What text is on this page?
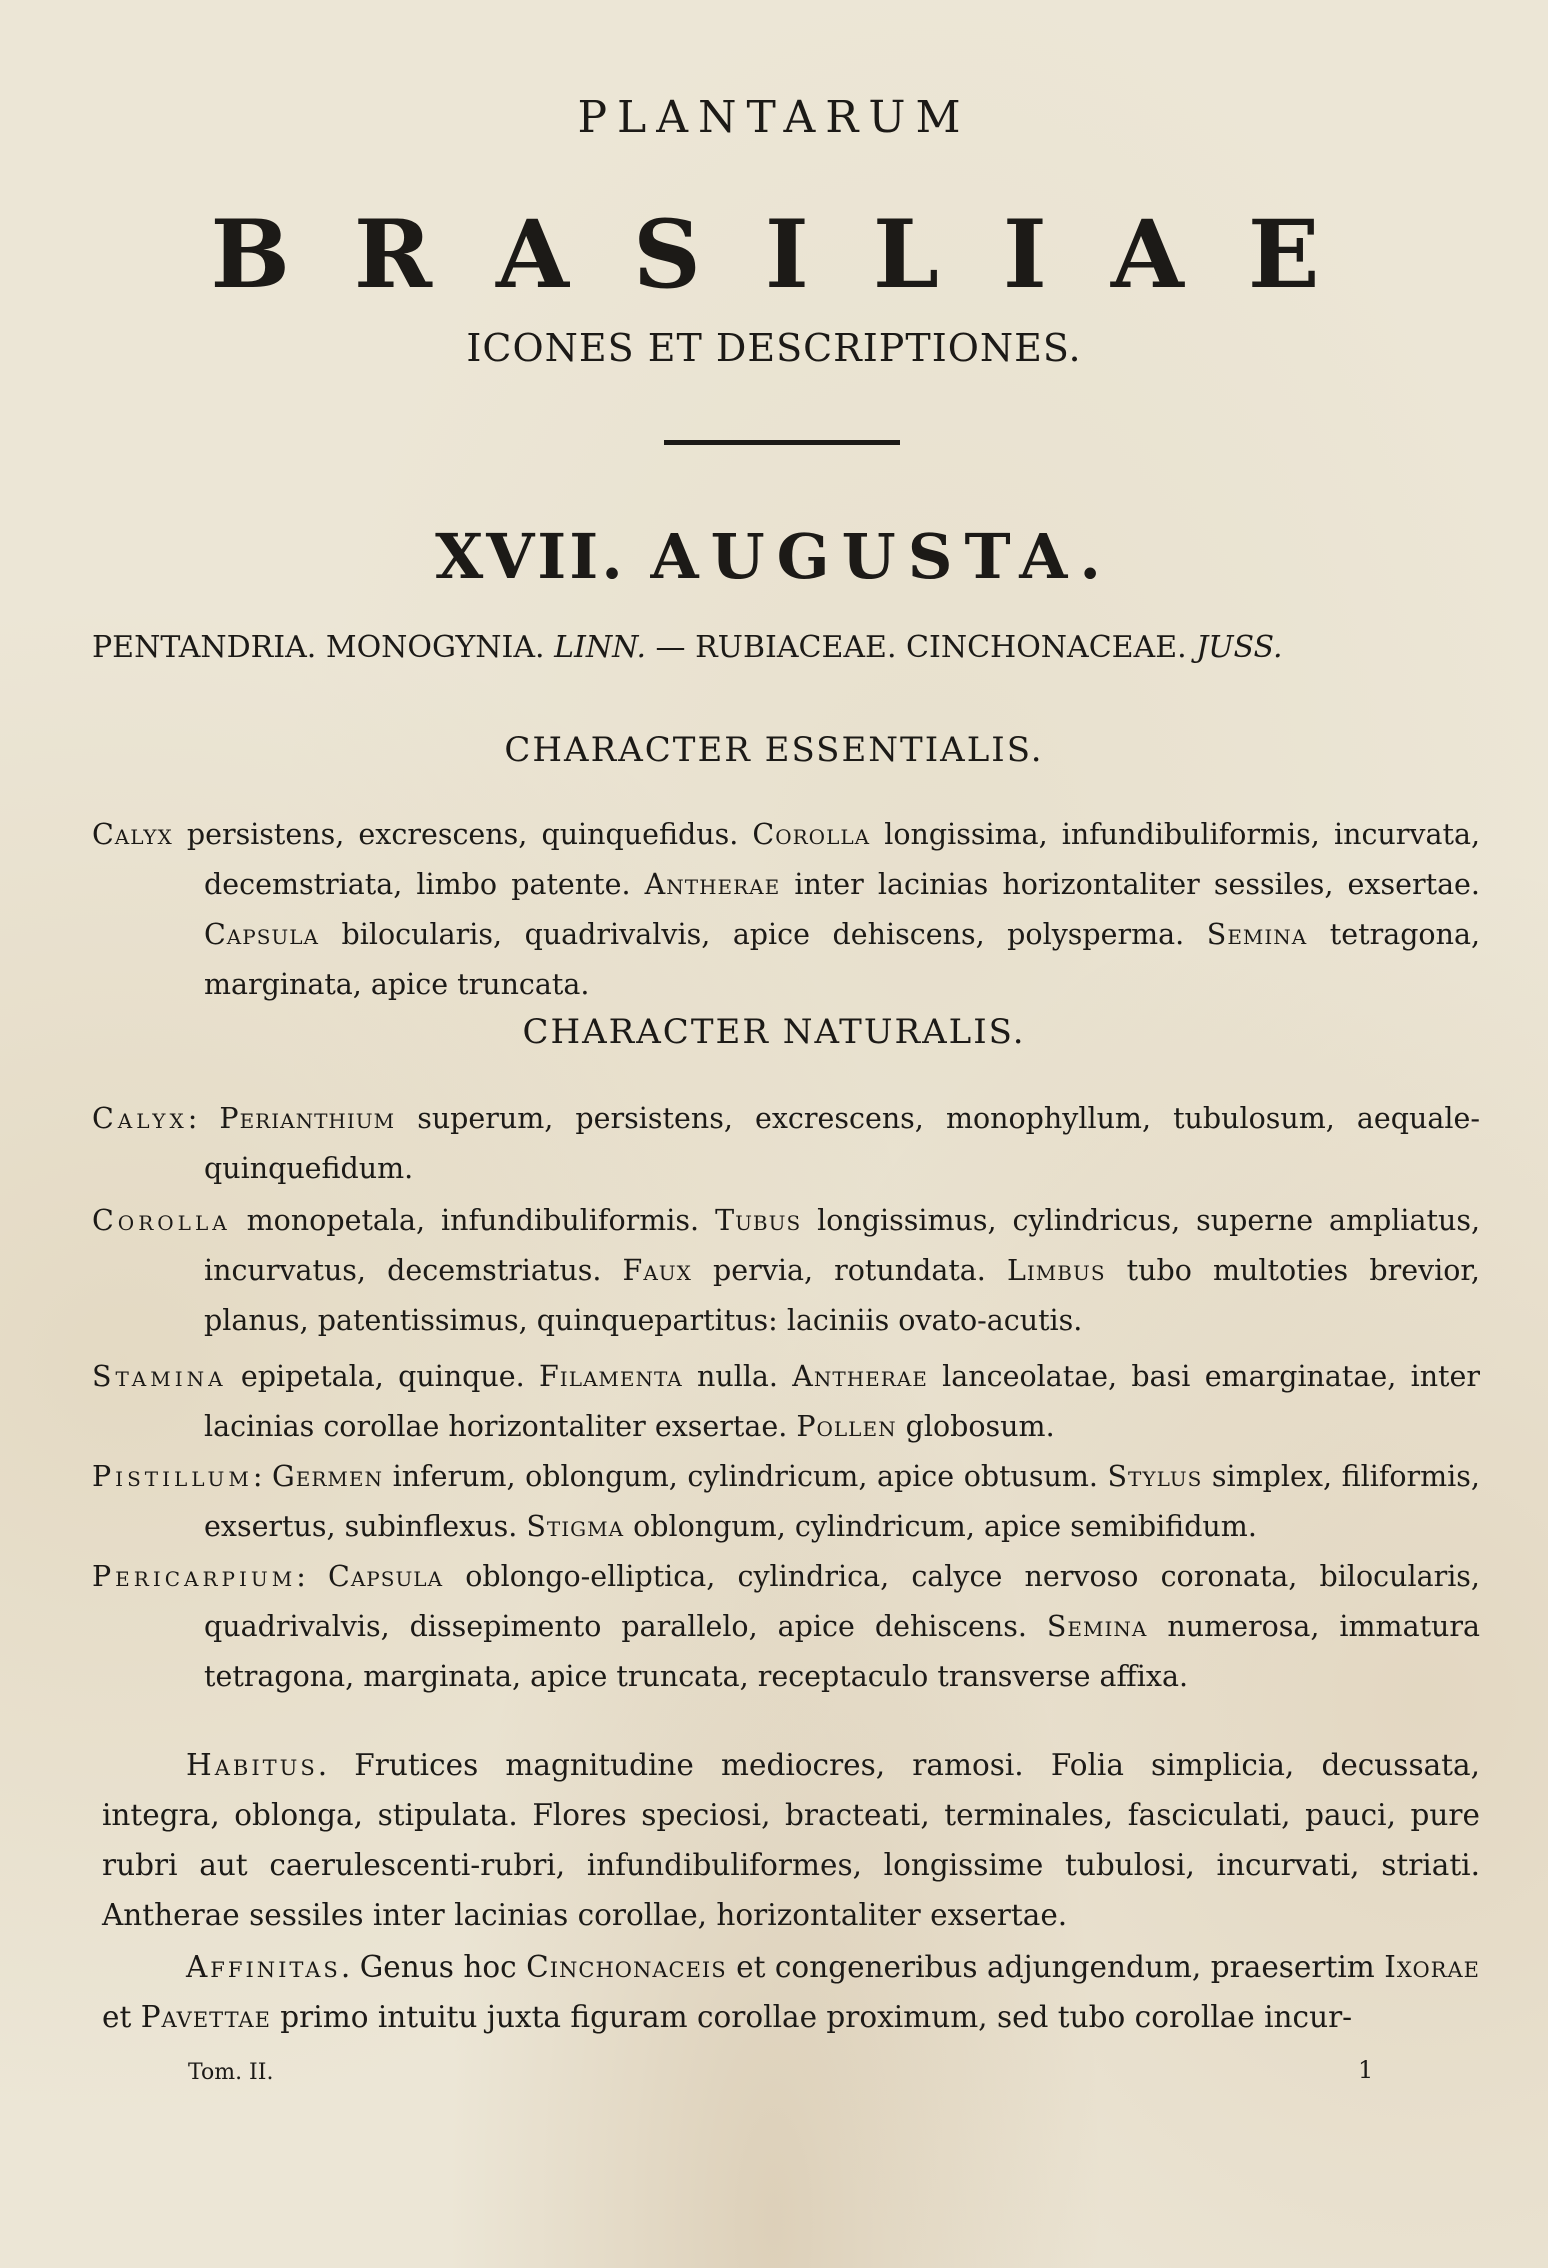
PLANTARUM
BRASILIAE
ICONES ET DESCRIPTIONES.
XVII. AUGUSTA.
PENTANDRIA. MONOGYNIA. LINN. — RUBIACEAE. CINCHONACEAE. JUSS.
CHARACTER ESSENTIALIS.
Calyx persistens, excrescens, quinquefidus. Corolla longissima, infundibuliformis, incurvata, decemstriata, limbo patente. Antherae inter lacinias horizontaliter sessiles, exsertae. Capsula bilocularis, quadrivalvis, apice dehiscens, polysperma. Semina tetragona, marginata, apice truncata.
CHARACTER NATURALIS.
Calyx: Perianthium superum, persistens, excrescens, monophyllum, tubulosum, aequale-quinquefidum.
Corolla monopetala, infundibuliformis. Tubus longissimus, cylindricus, superne ampliatus, incurvatus, decemstriatus. Faux pervia, rotundata. Limbus tubo multoties brevior, planus, patentissimus, quinquepartitus: laciniis ovato-acutis.
Stamina epipetala, quinque. Filamenta nulla. Antherae lanceolatae, basi emarginatae, inter lacinias corollae horizontaliter exsertae. Pollen globosum.
Pistillum: Germen inferum, oblongum, cylindricum, apice obtusum. Stylus simplex, filiformis, exsertus, subinflexus. Stigma oblongum, cylindricum, apice semibifidum.
Pericarpium: Capsula oblongo-elliptica, cylindrica, calyce nervoso coronata, bilocularis, quadrivalvis, dissepimento parallelo, apice dehiscens. Semina numerosa, immatura tetragona, marginata, apice truncata, receptaculo transverse affixa.
Habitus. Frutices magnitudine mediocres, ramosi. Folia simplicia, decussata, integra, oblonga, stipulata. Flores speciosi, bracteati, terminales, fasciculati, pauci, pure rubri aut caerulescenti-rubri, infundibuliformes, longissime tubulosi, incurvati, striati. Antherae sessiles inter lacinias corollae, horizontaliter exsertae.
Affinitas. Genus hoc Cinchonaceis et congeneribus adjungendum, praesertim Ixorae et Pavettae primo intuitu juxta figuram corollae proximum, sed tubo corollae incur-
Tom. II.	1
